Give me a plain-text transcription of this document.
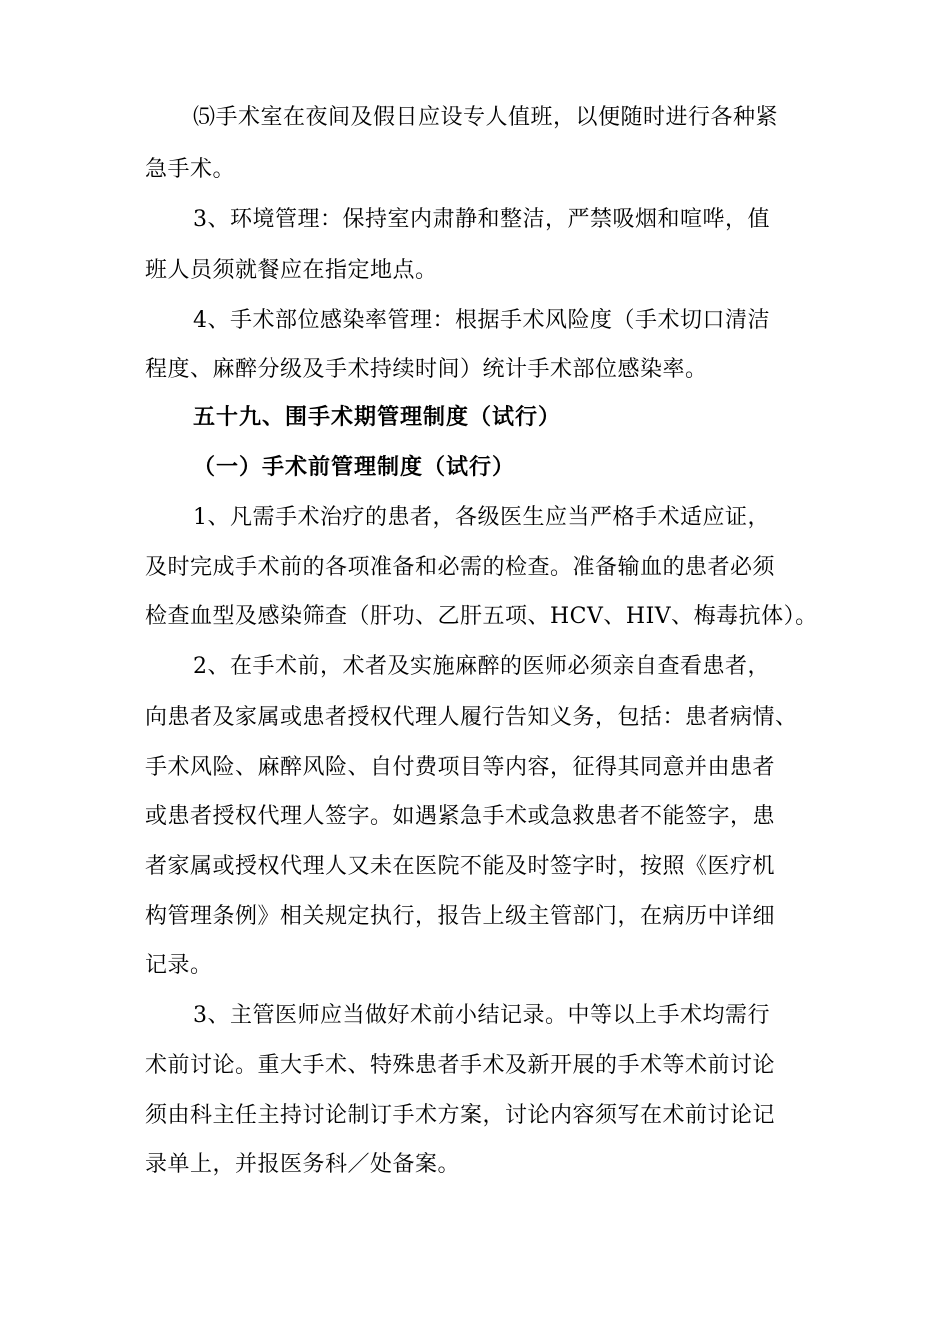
⑸手术室在夜间及假日应设专人值班，以便随时进行各种紧
急手术。
3、环境管理：保持室内肃静和整洁，严禁吸烟和喧哗，值
班人员须就餐应在指定地点。
4、手术部位感染率管理：根据手术风险度（手术切口清洁
程度、麻醉分级及手术持续时间）统计手术部位感染率。
五十九、围手术期管理制度（试行）
（一）手术前管理制度（试行）
1、凡需手术治疗的患者，各级医生应当严格手术适应证，
及时完成手术前的各项准备和必需的检查。准备输血的患者必须
检查血型及感染筛查（肝功、乙肝五项、HCV、HIV、梅毒抗体）。
2、在手术前，术者及实施麻醉的医师必须亲自查看患者，
向患者及家属或患者授权代理人履行告知义务，包括：患者病情、
手术风险、麻醉风险、自付费项目等内容，征得其同意并由患者
或患者授权代理人签字。如遇紧急手术或急救患者不能签字，患
者家属或授权代理人又未在医院不能及时签字时，按照《医疗机
构管理条例》相关规定执行，报告上级主管部门，在病历中详细
记录。
3、主管医师应当做好术前小结记录。中等以上手术均需行
术前讨论。重大手术、特殊患者手术及新开展的手术等术前讨论
须由科主任主持讨论制订手术方案，讨论内容须写在术前讨论记
录单上，并报医务科／处备案。
